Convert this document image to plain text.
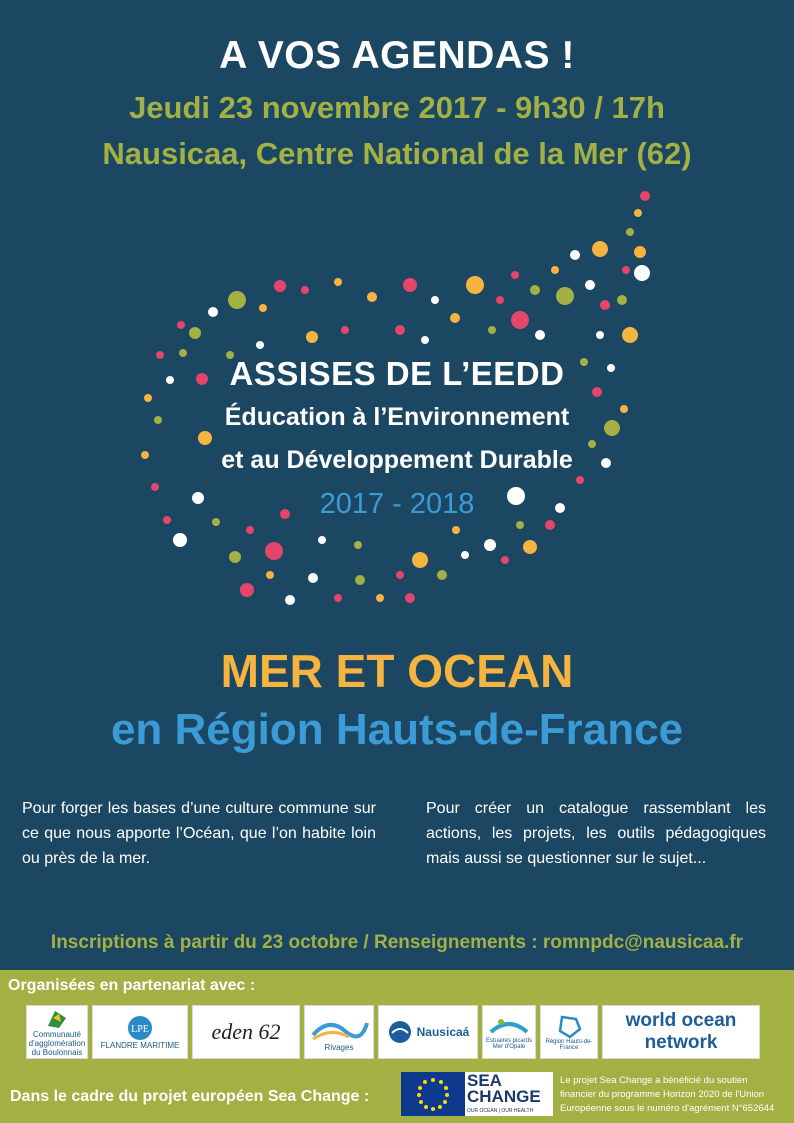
A VOS AGENDAS !
Jeudi 23 novembre 2017 - 9h30 / 17h
Nausicaa, Centre National de la Mer (62)
ASSISES DE L’EEDD
Éducation à l’Environnement
et au Développement Durable
2017 - 2018
MER ET OCEAN
en Région Hauts-de-France
Pour forger les bases d’une culture commune sur ce que nous apporte l’Océan, que l’on habite loin ou près de la mer.
Pour créer un catalogue rassemblant les actions, les projets, les outils pédagogiques mais aussi se questionner sur le sujet...
Inscriptions à partir du 23 octobre / Renseignements : romnpdc@nausicaa.fr
Organisées en partenariat avec :
Communauté d'agglomération du Boulonnais
LPE
FLANDRE MARITIME
eden 62
Rivages
Nausicaá
Estuaires picards Mer d'Opale
Région Hauts-de-France
world ocean network
Dans le cadre du projet européen Sea Change :
SEA CHANGE
OUR OCEAN | OUR HEALTH
Le projet Sea Change a bénéficié du soutien financier du programme Horizon 2020 de l'Union Européenne sous le numéro d'agrément N°652644
